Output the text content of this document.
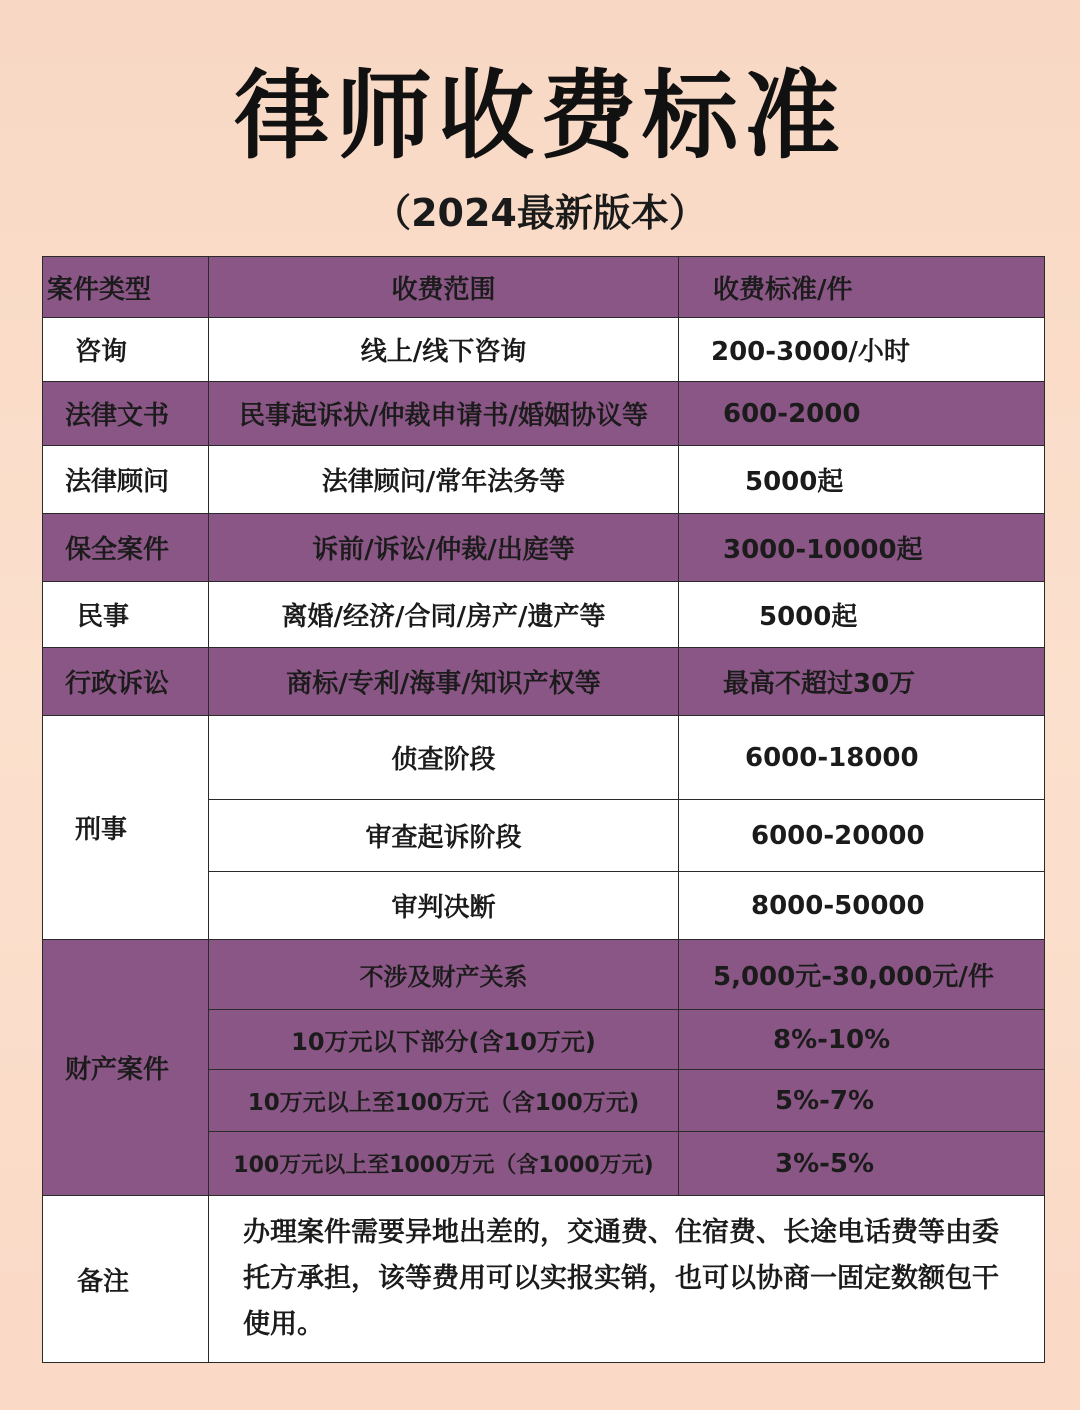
律师收费标准
（2024最新版本）
案件类型	收费范围	收费标准/件
咨询	线上/线下咨询	200-3000/小时
法律文书	民事起诉状/仲裁申请书/婚姻协议等	600-2000
法律顾问	法律顾问/常年法务等	5000起
保全案件	诉前/诉讼/仲裁/出庭等	3000-10000起
民事	离婚/经济/合同/房产/遗产等	5000起
行政诉讼	商标/专利/海事/知识产权等	最高不超过30万
刑事	侦查阶段	6000-18000
	审查起诉阶段	6000-20000
	审判决断	8000-50000
财产案件	不涉及财产关系	5,000元-30,000元/件
	10万元以下部分(含10万元)	8%-10%
	10万元以上至100万元（含100万元)	5%-7%
	100万元以上至1000万元（含1000万元)	3%-5%
备注	办理案件需要异地出差的，交通费、住宿费、长途电话费等由委托方承担，该等费用可以实报实销，也可以协商一固定数额包干使用。	
